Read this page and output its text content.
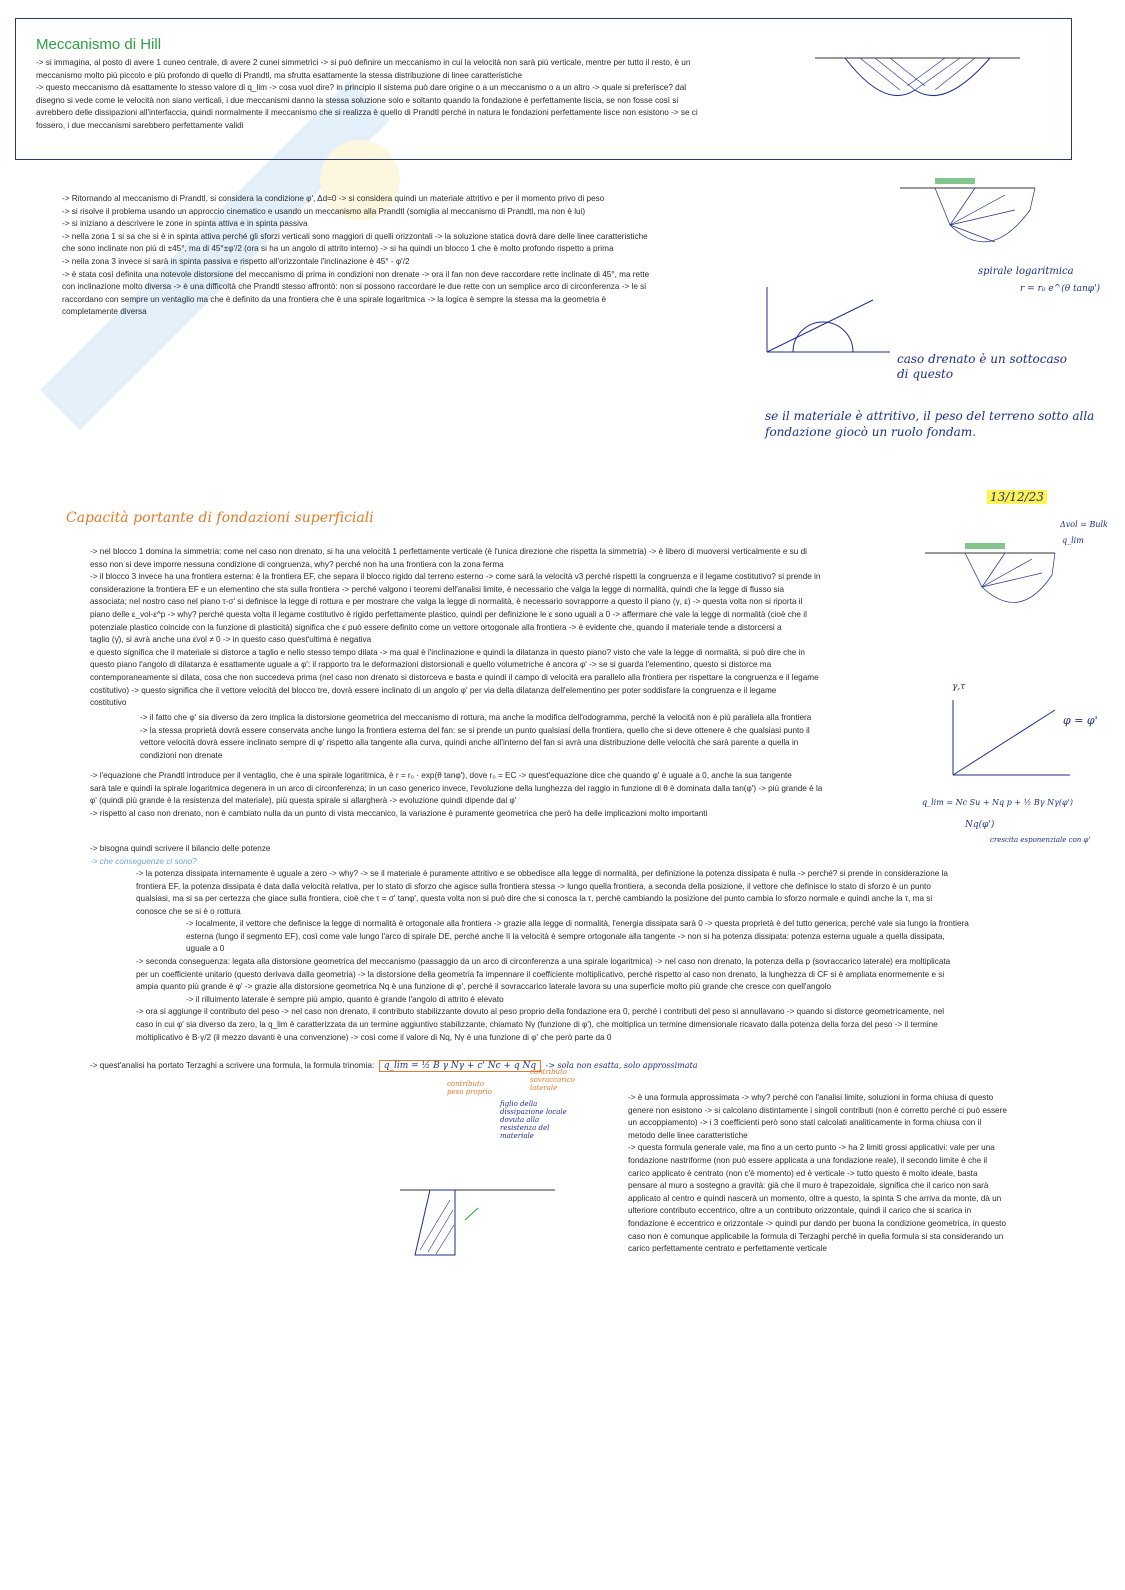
Meccanismo di Hill

-> si immagina, al posto di avere 1 cuneo centrale, di avere 2 cunei simmetrici -> si può definire un meccanismo in cui la velocità non sarà più verticale, mentre per tutto il resto, è un

meccanismo molto più piccolo e più profondo di quello di Prandtl, ma sfrutta esattamente la stessa distribuzione di linee caratteristiche

-> questo meccanismo dà esattamente lo stesso valore di q_lim -> cosa vuol dire? in principio il sistema può dare origine o a un meccanismo o a un altro -> quale si preferisce? dal

disegno si vede come le velocità non siano verticali, i due meccanismi danno la stessa soluzione solo e soltanto quando la fondazione è perfettamente liscia, se non fosse così si

avrebbero delle dissipazioni all'interfaccia, quindi normalmente il meccanismo che si realizza è quello di Prandtl perché in natura le fondazioni perfettamente lisce non esistono -> se ci

fossero, i due meccanismi sarebbero perfettamente validi

-> Ritornando al meccanismo di Prandtl, si considera la condizione φ', Δd=0 -> si considera quindi un materiale attritivo e per il momento privo di peso

-> si risolve il problema usando un approccio cinematico e usando un meccanismo alla Prandtl (somiglia al meccanismo di Prandtl, ma non è lui)

-> si iniziano a descrivere le zone in spinta attiva e in spinta passiva

-> nella zona 1 si sa che si è in spinta attiva perché gli sforzi verticali sono maggiori di quelli orizzontali -> la soluzione statica dovrà dare delle linee caratteristiche

che sono inclinate non più di ±45°, ma di 45°±φ'/2 (ora si ha un angolo di attrito interno) -> si ha quindi un blocco 1 che è molto profondo rispetto a prima

-> nella zona 3 invece si sarà in spinta passiva e rispetto all'orizzontale l'inclinazione è 45° - φ'/2

-> è stata così definita una notevole distorsione del meccanismo di prima in condizioni non drenate -> ora il fan non deve raccordare rette inclinate di 45°, ma rette

con inclinazione molto diversa -> è una difficoltà che Prandtl stesso affrontò: non si possono raccordare le due rette con un semplice arco di circonferenza -> le si

raccordano con sempre un ventaglio ma che è definito da una frontiera che è una spirale logaritmica -> la logica è sempre la stessa ma la geometria è

completamente diversa

spirale logaritmica
r = r₀ e^(θ tanφ')
caso drenato è un sottocaso di questo
se il materiale è attritivo, il peso del terreno sotto alla fondazione giocò un ruolo fondam.
13/12/23
Capacità portante di fondazioni superficiali

-> nel blocco 1 domina la simmetria: come nel caso non drenato, si ha una velocità 1 perfettamente verticale (è l'unica direzione che rispetta la simmetria) -> è libero di muoversi verticalmente e su di

esso non si deve imporre nessuna condizione di congruenza, why? perché non ha una frontiera con la zona ferma

-> il blocco 3 invece ha una frontiera esterna: è la frontiera EF, che separa il blocco rigido dal terreno esterno -> come sarà la velocità v3 perché rispetti la congruenza e il legame costitutivo? si prende in

considerazione la frontiera EF e un elementino che sta sulla frontiera -> perché valgono i teoremi dell'analisi limite, è necessario che valga la legge di normalità, quindi che la legge di flusso sia

associata; nel nostro caso nel piano τ-σ' si definisce la legge di rottura e per mostrare che valga la legge di normalità, è necessario sovrapporre a questo il piano (γ, ε) -> questa volta non si riporta il

piano delle ε_vol-ε^p -> why? perché questa volta il legame costitutivo è rigido perfettamente plastico, quindi per definizione le ε sono uguali a 0 -> affermare che vale la legge di normalità (cioè che il

potenziale plastico coincide con la funzione di plasticità) significa che ε̇ può essere definito come un vettore ortogonale alla frontiera -> è evidente che, quando il materiale tende a distorcersi a

taglio (γ̇), si avrà anche una ε̇vol ≠ 0 -> in questo caso quest'ultima è negativa

e questo significa che il materiale si distorce a taglio e nello stesso tempo dilata -> ma qual è l'inclinazione e quindi la dilatanza in questo piano? visto che vale la legge di normalità, si può dire che in

questo piano l'angolo di dilatanza è esattamente uguale a φ': il rapporto tra le deformazioni distorsionali e quello volumetriche è ancora φ' -> se si guarda l'elementino, questo si distorce ma

contemporaneamente si dilata, cosa che non succedeva prima (nel caso non drenato si distorceva e basta e quindi il campo di velocità era parallelo alla frontiera per rispettare la congruenza e il legame

costitutivo) -> questo significa che il vettore velocità del blocco tre, dovrà essere inclinato di un angolo φ' per via della dilatanza dell'elementino per poter soddisfare la congruenza e il legame

costitutivo

-> il fatto che φ' sia diverso da zero implica la distorsione geometrica del meccanismo di rottura, ma anche la modifica dell'odogramma, perché la velocità non è più parallela alla frontiera

-> la stessa proprietà dovrà essere conservata anche lungo la frontiera esterna del fan: se si prende un punto qualsiasi della frontiera, quello che si deve ottenere è che qualsiasi punto il

vettore velocità dovrà essere inclinato sempre di φ' rispetto alla tangente alla curva, quindi anche all'interno del fan si avrà una distribuzione delle velocità che sarà parente a quella in

condizioni non drenate

-> l'equazione che Prandtl introduce per il ventaglio, che è una spirale logaritmica, è r = r₀ · exp(θ tanφ'), dove r₀ = EC -> quest'equazione dice che quando φ' è uguale a 0, anche la sua tangente

sarà tale e quindi la spirale logaritmica degenera in un arco di circonferenza; in un caso generico invece, l'evoluzione della lunghezza del raggio in funzione di θ è dominata dalla tan(φ') -> più grande è la

φ' (quindi più grande è la resistenza del materiale), più questa spirale si allargherà -> evoluzione quindi dipende dal φ'

-> rispetto al caso non drenato, non è cambiato nulla da un punto di vista meccanico, la variazione è puramente geometrica che però ha delle implicazioni molto importanti

Δvol = Bulk
q_lim
γ,τ
φ = φ'
q_lim = Nc Su + Nq p + ½ Bγ Nγ(φ')
Nq(φ')
crescita esponenziale con φ'

-> bisogna quindi scrivere il bilancio delle potenze

-> che conseguenze ci sono?

-> la potenza dissipata internamente è uguale a zero -> why? -> se il materiale è puramente attritivo e se obbedisce alla legge di normalità, per definizione la potenza dissipata è nulla -> perché? si prende in considerazione la

frontiera EF, la potenza dissipata è data dalla velocità relativa, per lo stato di sforzo che agisce sulla frontiera stessa -> lungo quella frontiera, a seconda della posizione, il vettore che definisce lo stato di sforzo è un punto

qualsiasi, ma si sa per certezza che giace sulla frontiera, cioè che τ = σ' tanφ', questa volta non si può dire che si conosca la τ, perché cambiando la posizione del punto cambia lo sforzo normale e quindi anche la τ, ma si

conosce che se si è o rottura

-> localmente, il vettore che definisce la legge di normalità è ortogonale alla frontiera -> grazie alla legge di normalità, l'energia dissipata sarà 0 -> questa proprietà è del tutto generica, perché vale sia lungo la frontiera

esterna (lungo il segmento EF), così come vale lungo l'arco di spirale DE, perché anche lì la velocità è sempre ortogonale alla tangente -> non si ha potenza dissipata: potenza esterna uguale a quella dissipata,

uguale a 0

-> seconda conseguenza: legata alla distorsione geometrica del meccanismo (passaggio da un arco di circonferenza a una spirale logaritmica) -> nel caso non drenato, la potenza della p (sovraccarico laterale) era moltiplicata

per un coefficiente unitario (questo derivava dalla geometria) -> la distorsione della geometria fa impennare il coefficiente moltiplicativo, perché rispetto al caso non drenato, la lunghezza di CF si è ampliata enormemente e si

ampia quanto più grande è φ' -> grazie alla distorsione geometrica Nq è una funzione di φ', perché il sovraccarico laterale lavora su una superficie molto più grande che cresce con quell'angolo

-> il rilluimento laterale è sempre più ampio, quanto è grande l'angolo di attrito è elevato

-> ora si aggiunge il contributo del peso -> nel caso non drenato, il contributo stabilizzante dovuto al peso proprio della fondazione era 0, perché i contributi del peso si annullavano -> quando si distorce geometricamente, nel

caso in cui φ' sia diverso da zero, la q_lim è caratterizzata da un termine aggiuntivo stabilizzante, chiamato Nγ (funzione di φ'), che moltiplica un termine dimensionale ricavato dalla potenza della forza del peso -> il termine

moltiplicativo è B·γ/2 (il mezzo davanti è una convenzione) -> così come il valore di Nq, Nγ è una funzione di φ' che però parte da 0

-> quest'analisi ha portato Terzaghi a scrivere una formula, la formula trinomia: q_lim = ½ B γ Nγ + c' Nc + q Nq -> sola non esatta, solo approssimata
contributo peso proprio
contributo sovraccarico laterale
figlio della dissipazione locale dovuta alla resistenza del materiale

-> è una formula approssimata -> why? perché con l'analisi limite, soluzioni in forma chiusa di questo

genere non esistono -> si calcolano distintamente i singoli contributi (non è corretto perché ci può essere

un accoppiamento) -> i 3 coefficienti però sono stati calcolati analiticamente in forma chiusa con il

metodo delle linee caratteristiche

-> questa formula generale vale, ma fino a un certo punto -> ha 2 limiti grossi applicativi: vale per una

fondazione nastriforme (non può essere applicata a una fondazione reale), il secondo limite è che il

carico applicato è centrato (non c'è momento) ed è verticale -> tutto questo è molto ideale, basta

pensare al muro a sostegno a gravità: già che il muro è trapezoidale, significa che il carico non sarà

applicato al centro e quindi nascerà un momento, oltre a questo, la spinta S che arriva da monte, dà un

ulteriore contributo eccentrico, oltre a un contributo orizzontale, quindi il carico che si scarica in

fondazione è eccentrico e orizzontale -> quindi pur dando per buona la condizione geometrica, in questo

caso non è comunque applicabile la formula di Terzaghi perché in quella formula si sta considerando un

carico perfettamente centrato e perfettamente verticale
